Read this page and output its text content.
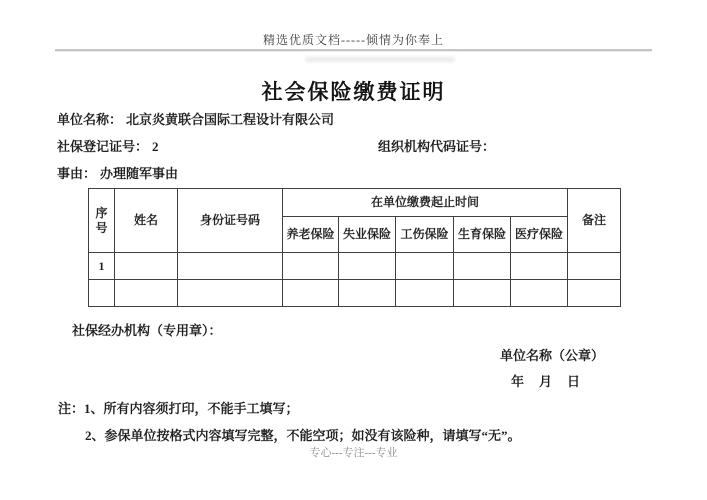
精选优质文档-----倾情为你奉上
社会保险缴费证明
单位名称： 北京炎黄联合国际工程设计有限公司
社保登记证号： 2	组织机构代码证号：
事由： 办理随军事由
序号	姓名	身份证号码	在单位缴费起止时间					备注
			养老保险	失业保险	工伤保险	生育保险	医疗保险	
1								

社保经办机构（专用章）：
单位名称（公章）
年　月　日
注：1、所有内容须打印，不能手工填写；
2、参保单位按格式内容填写完整，不能空项；如没有该险种，请填写“无”。
专心---专注---专业
